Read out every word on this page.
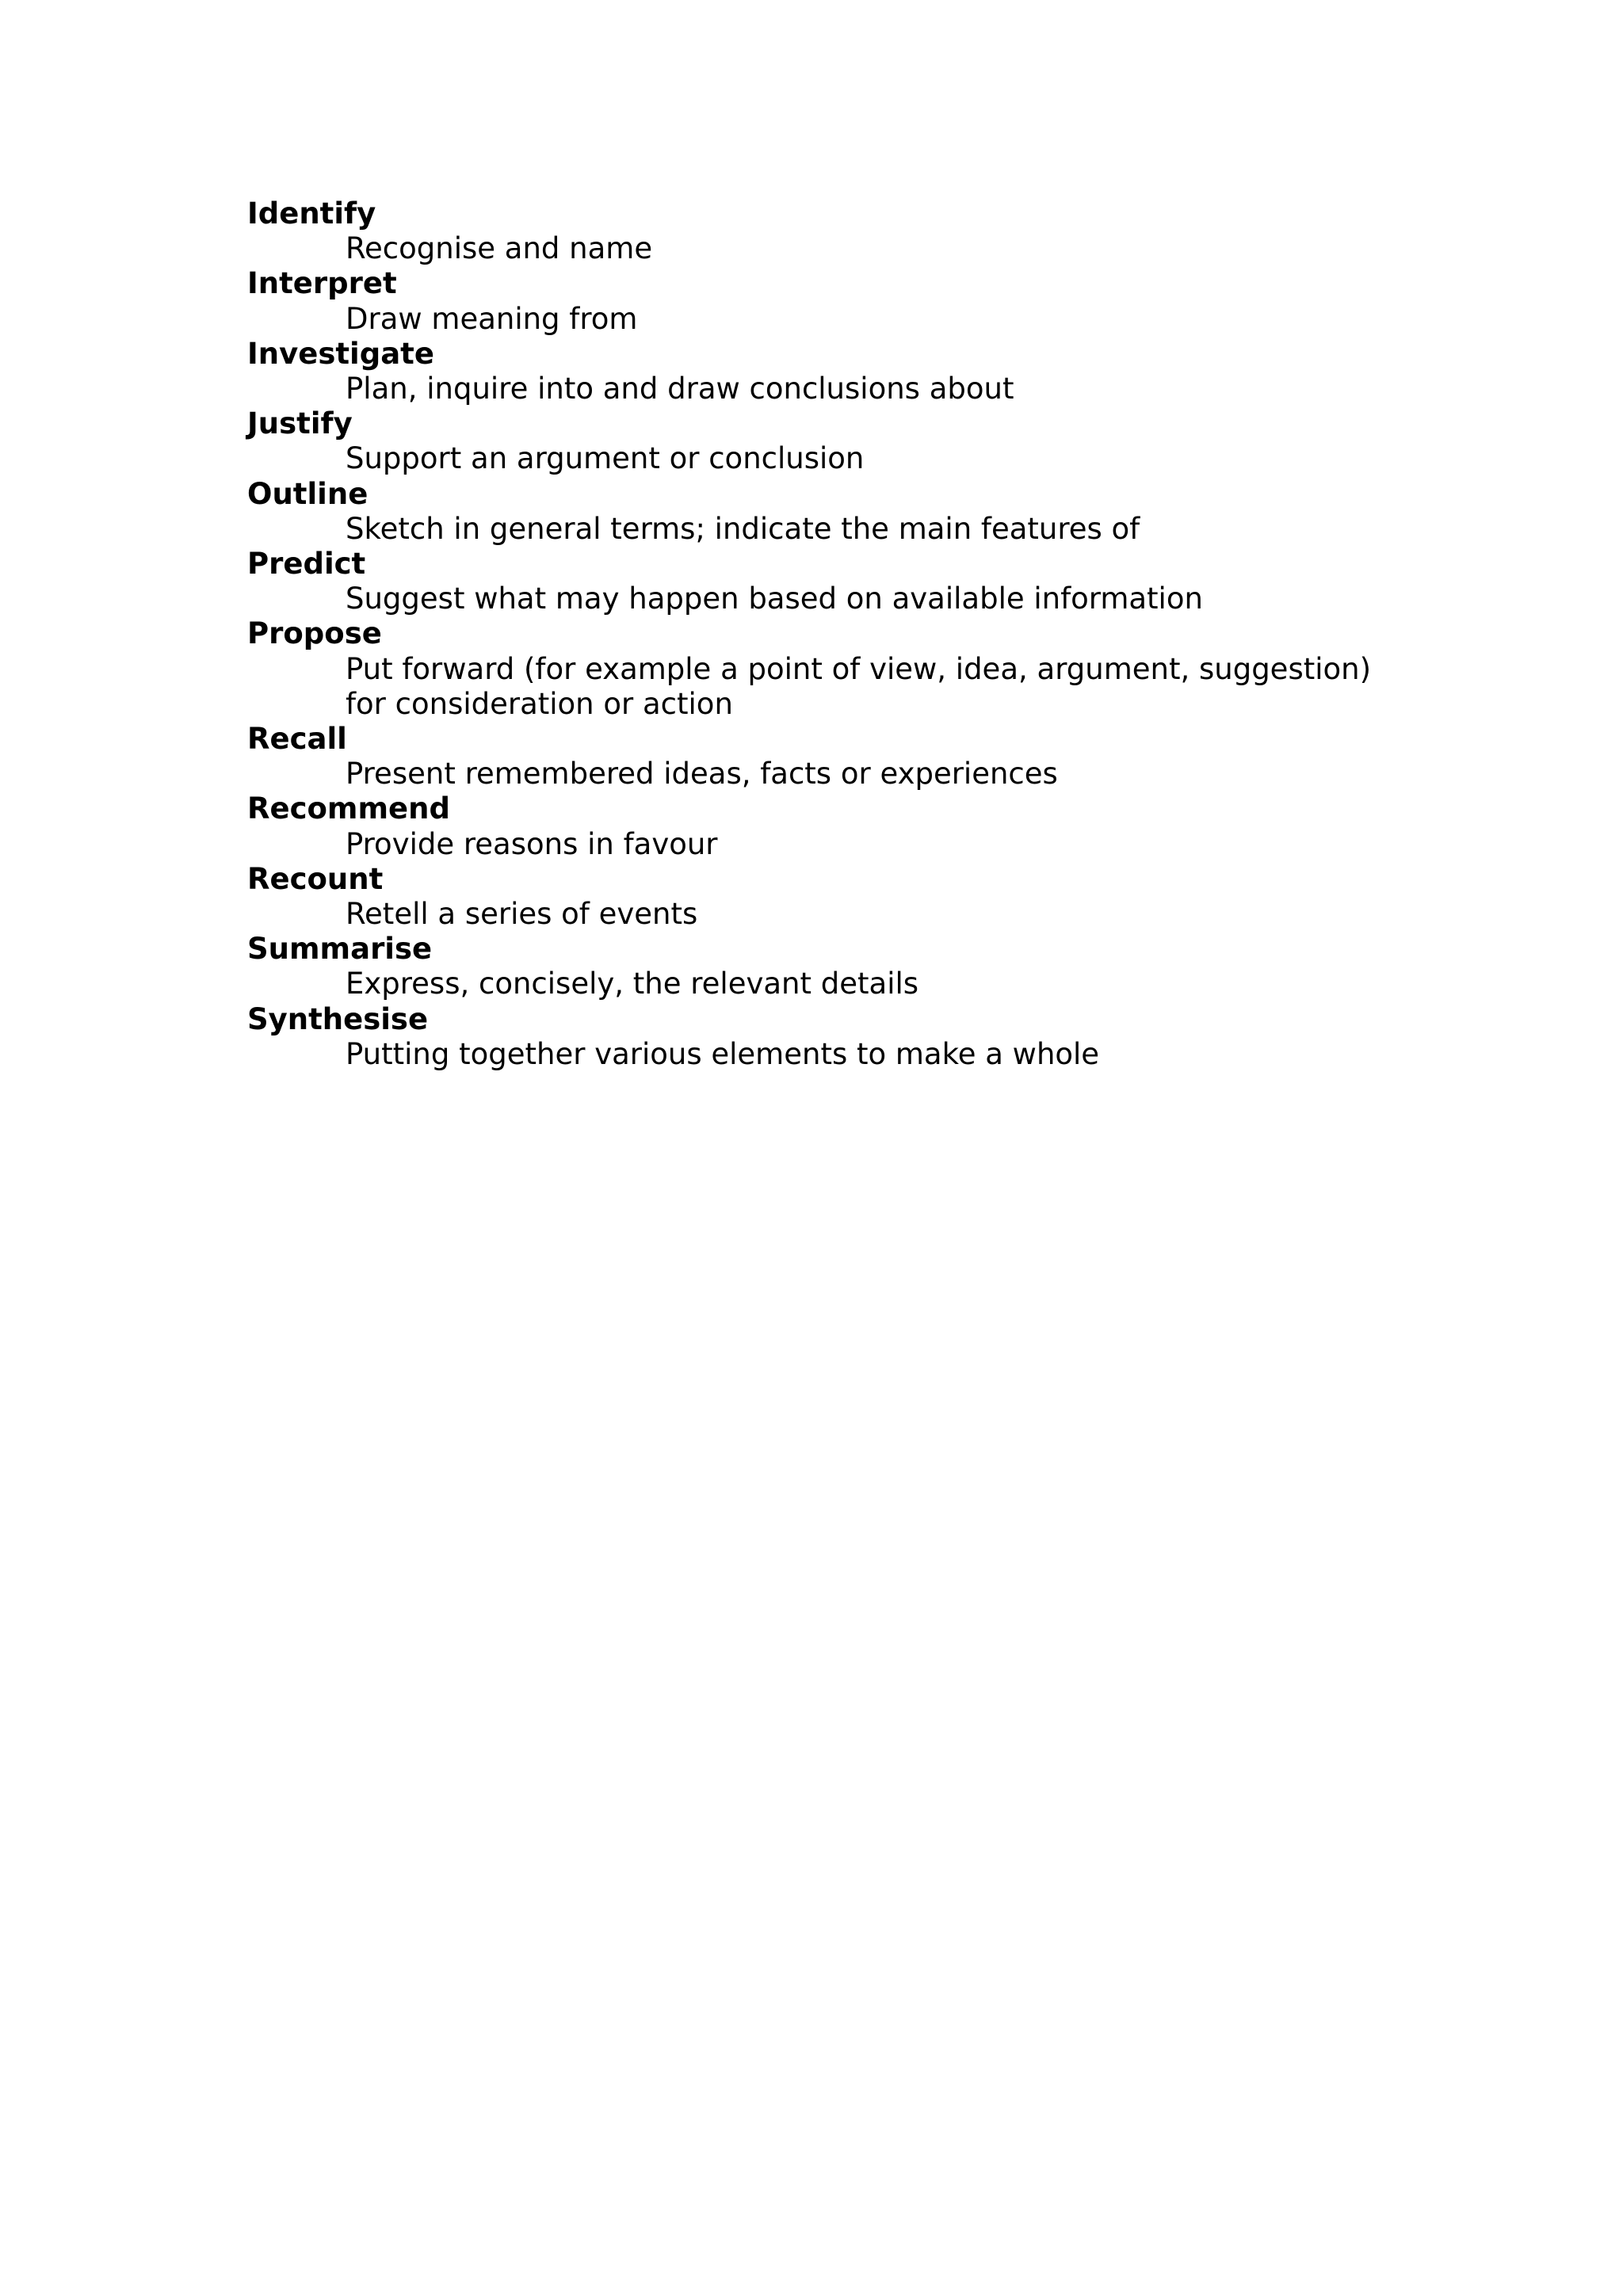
Identify
Recognise and name
Interpret
Draw meaning from
Investigate
Plan, inquire into and draw conclusions about
Justify
Support an argument or conclusion
Outline
Sketch in general terms; indicate the main features of
Predict
Suggest what may happen based on available information
Propose
Put forward (for example a point of view, idea, argument, suggestion)
for consideration or action
Recall
Present remembered ideas, facts or experiences
Recommend
Provide reasons in favour
Recount
Retell a series of events
Summarise
Express, concisely, the relevant details
Synthesise
Putting together various elements to make a whole
